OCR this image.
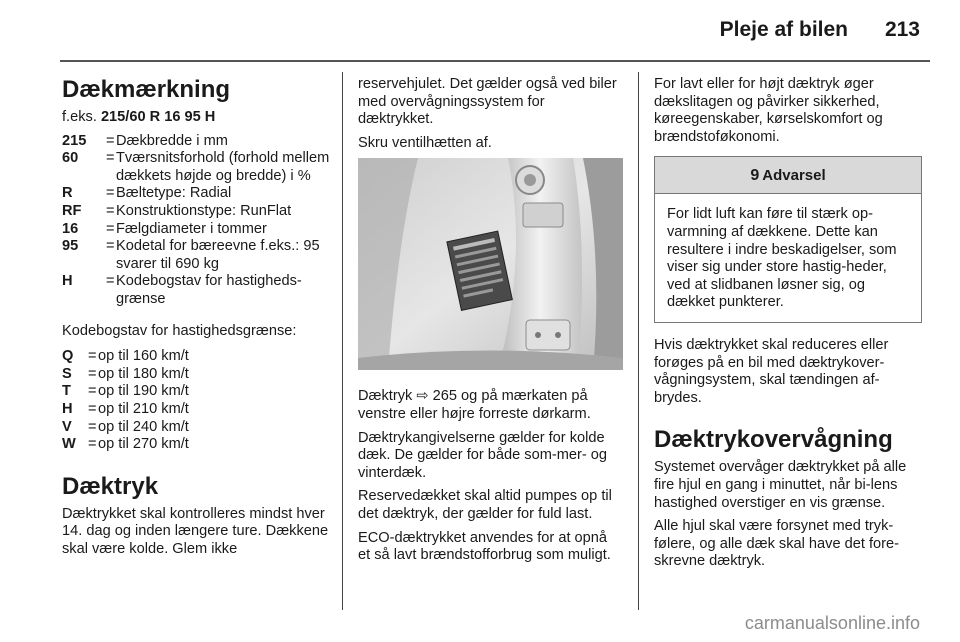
Pleje af bilen 213
Dækmærkning

f.eks. 215/60 R 16 95 H

215	= Dækbredde i mm
60	= Tværsnitsforhold (forhold mellem dækkets højde og bredde) i %
R	= Bæltetype: Radial
RF	= Konstruktionstype: RunFlat
16	= Fælgdiameter i tommer
95	= Kodetal for bæreevne f.eks.: 95 svarer til 690 kg
H	= Kodebogstav for hastigheds-grænse

Kodebogstav for hastighedsgrænse:

Q	= op til 160 km/t
S	= op til 180 km/t
T	= op til 190 km/t
H	= op til 210 km/t
V	= op til 240 km/t
W = op til 270 km/t
Dæktryk

Dæktrykket skal kontrolleres mindst hver 14. dag og inden længere ture. Dækkene skal være kolde. Glem ikke

reservehjulet. Det gælder også ved biler med overvågningssystem for dæktrykket.

Skru ventilhætten af.

Dæktryk ⇨ 265 og på mærkaten på venstre eller højre forreste dørkarm.

Dæktrykangivelserne gælder for kolde dæk. De gælder for både som-mer- og vinterdæk.

Reservedækket skal altid pumpes op til det dæktryk, der gælder for fuld last.

ECO-dæktrykket anvendes for at opnå et så lavt brændstofforbrug som muligt.

For lavt eller for højt dæktryk øger dækslitagen og påvirker sikkerhed, køreegenskaber, kørselskomfort og brændstoføkonomi.

9 Advarsel
For lidt luft kan føre til stærk op-varmning af dækkene. Dette kan resultere i indre beskadigelser, som viser sig under store hastig-heder, ved at slidbanen løsner sig, og dækket punkterer.

Hvis dæktrykket skal reduceres eller forøges på en bil med dæktrykover-vågningsystem, skal tændingen af-brydes.

Dæktrykovervågning

Systemet overvåger dæktrykket på alle fire hjul en gang i minuttet, når bi-lens hastighed overstiger en vis grænse.

Alle hjul skal være forsynet med tryk-følere, og alle dæk skal have det fore-skrevne dæktryk.

carmanualsonline.info
